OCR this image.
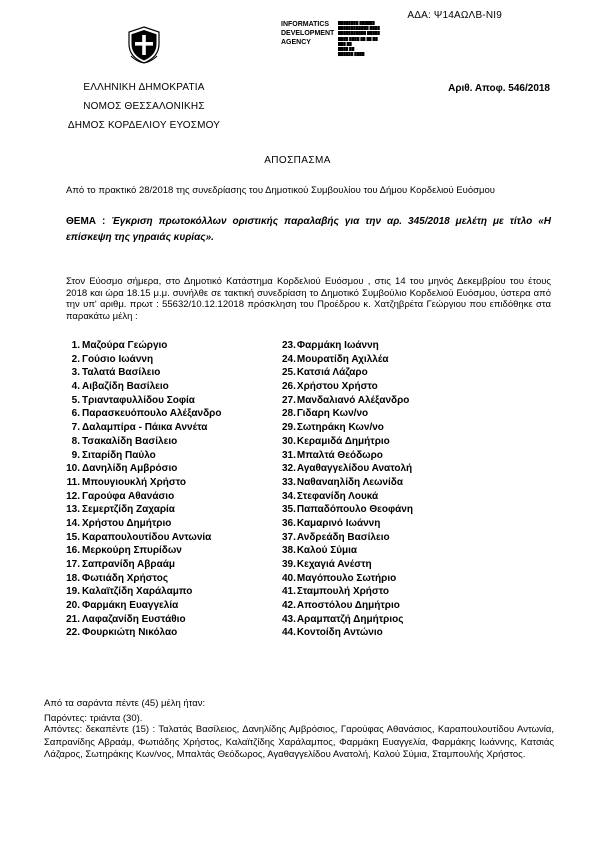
ΑΔΑ: Ψ14ΑΩΛΒ-ΝΙ9
INFORMATICS
DEVELOPMENT
AGENCY
████████ ██████
████████████ ████
███████████ █████
████ ████ ██ ██ ██
███ ██
████ ██
██████ ████
ΕΛΛΗΝΙΚΗ ΔΗΜΟΚΡΑΤΙΑ
ΝΟΜΟΣ ΘΕΣΣΑΛΟΝΙΚΗΣ
ΔΗΜΟΣ ΚΟΡΔΕΛΙΟΥ ΕΥΟΣΜΟΥ
Αριθ. Αποφ. 546/2018
ΑΠΟΣΠΑΣΜΑ
Από το πρακτικό 28/2018 της συνεδρίασης του Δημοτικού Συμβουλίου του Δήμου Κορδελιού Ευόσμου
ΘΕΜΑ : Έγκριση πρωτοκόλλων οριστικής παραλαβής για την αρ. 345/2018 μελέτη με τίτλο «Η επίσκεψη της γηραιάς κυρίας».
Στον Εύοσμο σήμερα, στο Δημοτικό Κατάστημα Κορδελιού Ευόσμου , στις 14 του μηνός Δεκεμβρίου του έτους 2018 και ώρα 18.15 μ.μ. συνήλθε σε τακτική συνεδρίαση το Δημοτικό Συμβούλιο Κορδελιού Ευόσμου, ύστερα από την υπ' αριθμ. πρωτ : 55632/10.12.12018 πρόσκληση του Προέδρου κ. Χατζηβρέτα Γεώργιου που επιδόθηκε στα παρακάτω μέλη :
1. Μαζούρα Γεώργιο
2. Γούσιο Ιωάννη
3. Ταλατά Βασίλειο
4. Αιβαζίδη Βασίλειο
5. Τριανταφυλλίδου Σοφία
6. Παρασκευόπουλο Αλέξανδρο
7. Δαλαμπίρα - Πάικα Αννέτα
8. Τσακαλίδη Βασίλειο
9. Σιταρίδη Παύλο
10. Δανηλίδη Αμβρόσιο
11. Μπουγιουκλή Χρήστο
12. Γαρούφα Αθανάσιο
13. Σεμερτζίδη Ζαχαρία
14. Χρήστου Δημήτριο
15. Καραπουλουτίδου Αντωνία
16. Μερκούρη Σπυρίδων
17. Σαπρανίδη Αβραάμ
18. Φωτιάδη Χρήστος
19. Καλαϊτζίδη Χαράλαμπο
20. Φαρμάκη Ευαγγελία
21. Λαφαζανίδη Ευστάθιο
22. Φουρκιώτη Νικόλαο
23.Φαρμάκη Ιωάννη
24.Μουρατίδη Αχιλλέα
25.Κατσιά Λάζαρο
26.Χρήστου Χρήστο
27.Μανδαλιανό Αλέξανδρο
28.Γιδαρη Κων/νο
29.Σωτηράκη Κων/νο
30.Κεραμιδά Δημήτριο
31.Μπαλτά Θεόδωρο
32.Αγαθαγγελίδου Ανατολή
33.Ναθαναηλίδη Λεωνίδα
34.Στεφανίδη Λουκά
35.Παπαδόπουλο Θεοφάνη
36.Καμαρινό Ιωάννη
37.Ανδρεάδη Βασίλειο
38.Καλού Σύμια
39.Κεχαγιά Ανέστη
40.Μαγόπουλο Σωτήριο
41.Σταμπουλή Χρήστο
42.Αποστόλου Δημήτριο
43.Αραμπατζή Δημήτριος
44.Κοντοίδη Αντώνιο
Από τα σαράντα πέντε (45) μέλη ήταν:
Παρόντες: τριάντα (30).
Απόντες: δεκαπέντε (15) : Ταλατάς Βασίλειος, Δανηλίδης Αμβρόσιος, Γαρούφας Αθανάσιος, Καραπουλουτίδου Αντωνία, Σαπρανίδης Αβραάμ, Φωτιάδης Χρήστος, Καλαϊτζίδης Χαράλαμπος, Φαρμάκη Ευαγγελία, Φαρμάκης Ιωάννης, Κατσιάς Λάζαρος, Σωτηράκης Κων/νος, Μπαλτάς Θεόδωρος, Αγαθαγγελίδου Ανατολή, Καλού Σύμια, Σταμπουλής Χρήστος.
